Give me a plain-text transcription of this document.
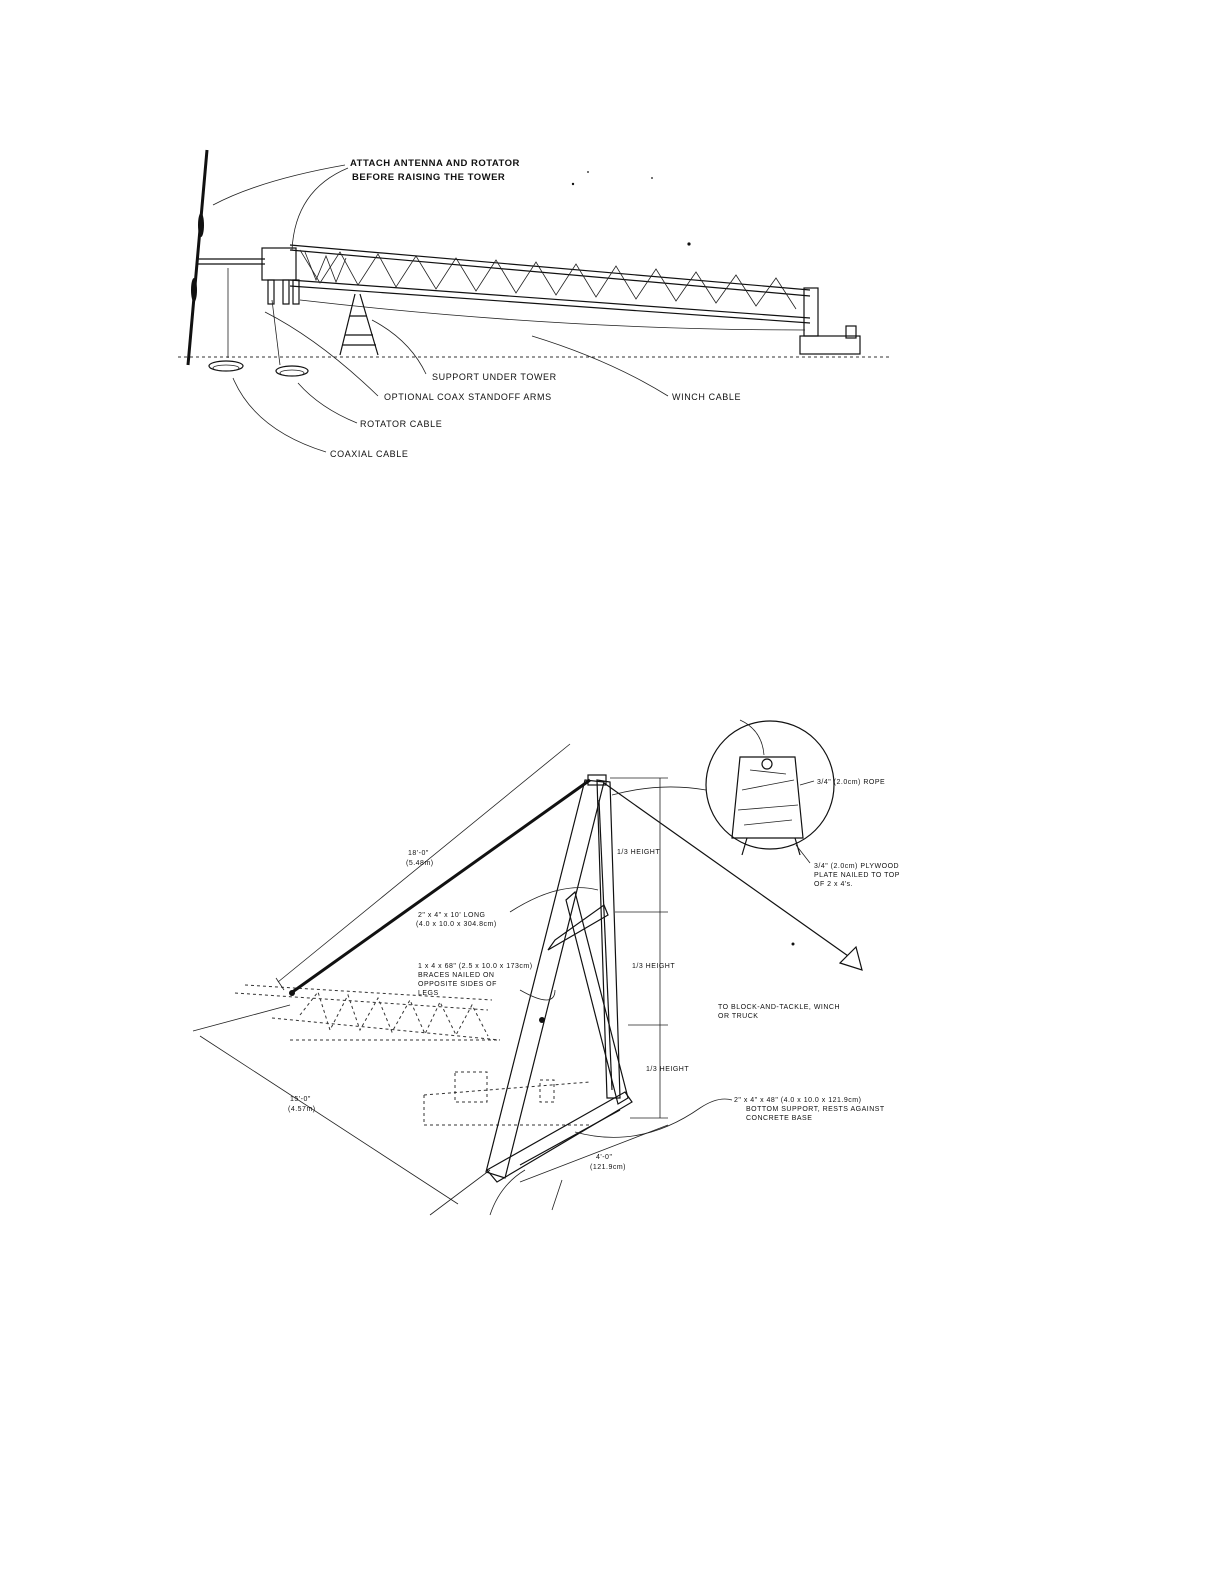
ATTACH ANTENNA AND ROTATOR
BEFORE RAISING THE TOWER
SUPPORT UNDER TOWER
OPTIONAL COAX STANDOFF ARMS	WINCH CABLE
ROTATOR CABLE
COAXIAL CABLE
18'-0"
(5.48m)
2" x 4" x 10' LONG
(4.0 x 10.0 x 304.8cm)
1 x 4 x 68" (2.5 x 10.0 x 173cm)
BRACES NAILED ON
OPPOSITE SIDES OF
LEGS
1/3 HEIGHT
1/3 HEIGHT
1/3 HEIGHT
3/4" (2.0cm) ROPE
3/4" (2.0cm) PLYWOOD
PLATE NAILED TO TOP
OF 2 x 4's.
TO BLOCK-AND-TACKLE, WINCH
OR TRUCK
15'-0"
(4.57m)
4'-0"
(121.9cm)
2" x 4" x 48" (4.0 x 10.0 x 121.9cm)
BOTTOM SUPPORT, RESTS AGAINST
CONCRETE BASE
